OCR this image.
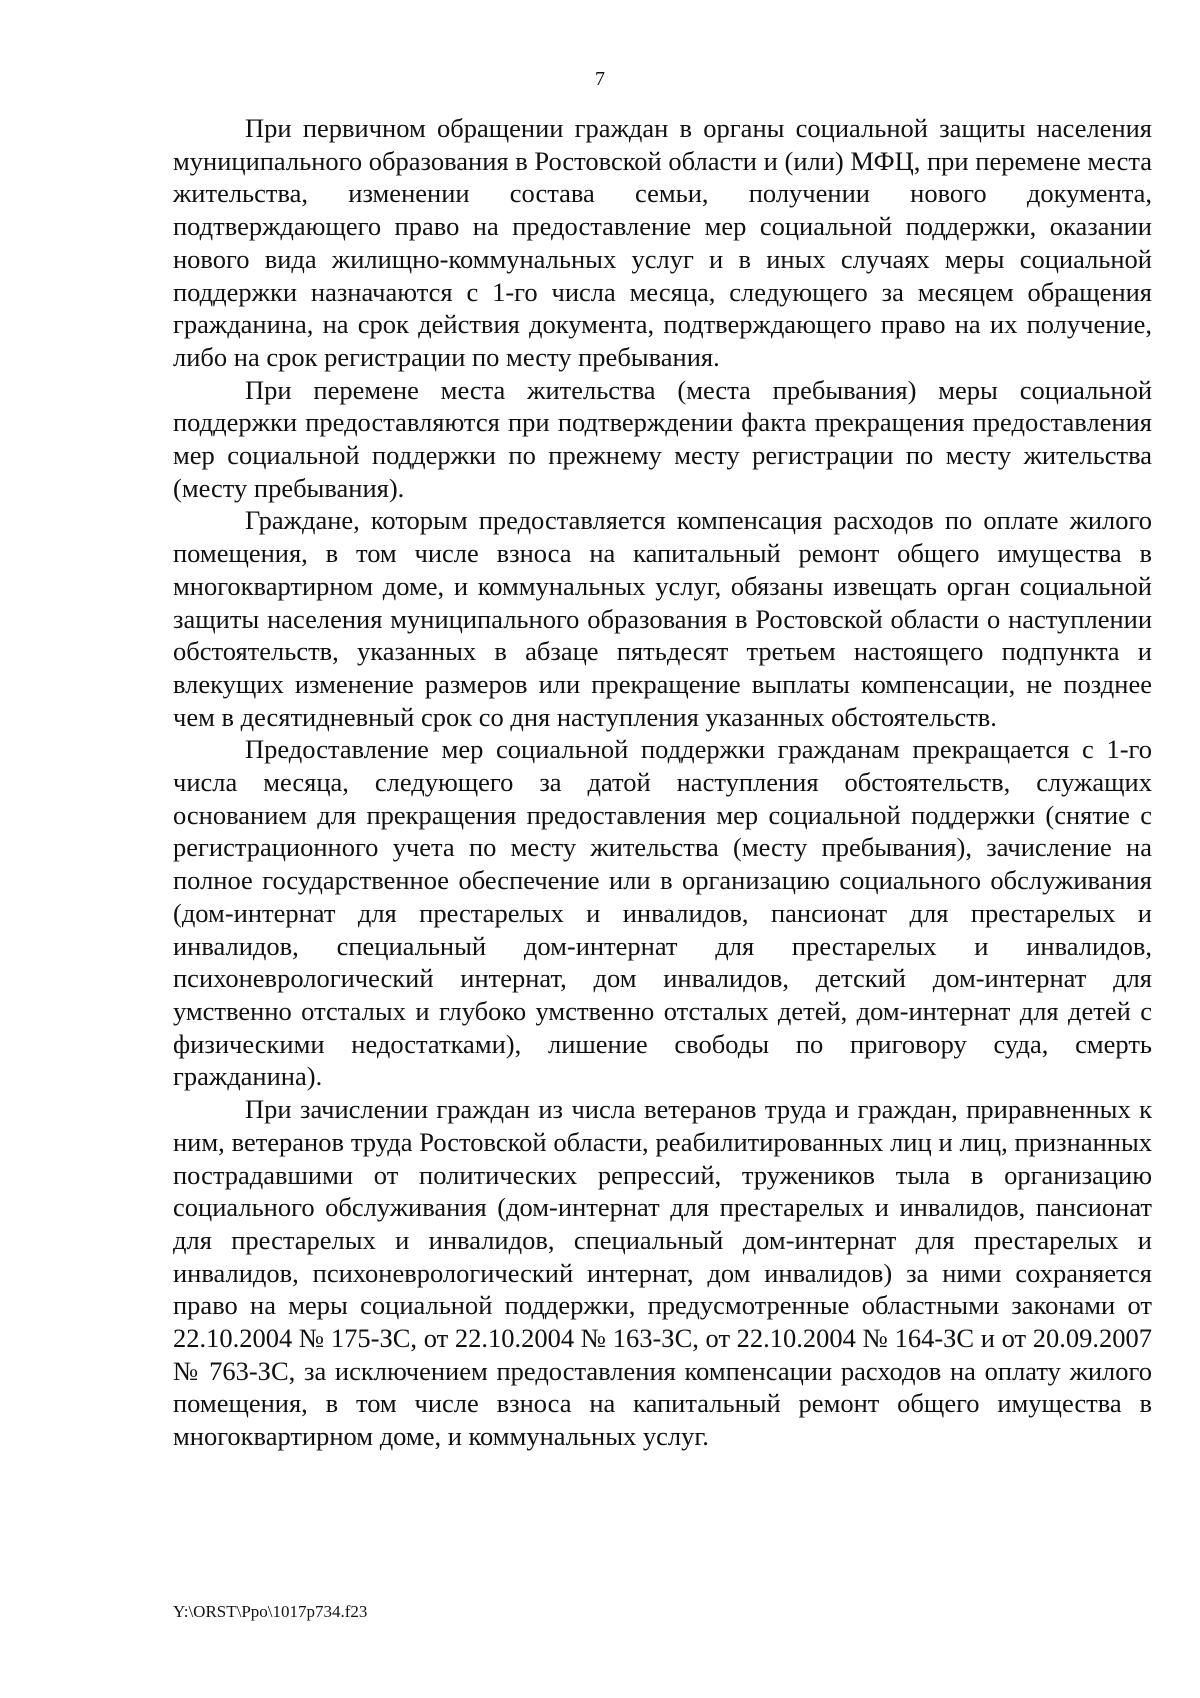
7

При первичном обращении граждан в органы социальной защиты населения муниципального образования в Ростовской области и (или) МФЦ, при перемене места жительства, изменении состава семьи, получении нового документа, подтверждающего право на предоставление мер социальной поддержки, оказании нового вида жилищно-коммунальных услуг и в иных случаях меры социальной поддержки назначаются с 1-го числа месяца, следующего за месяцем обращения гражданина, на срок действия документа, подтверждающего право на их получение, либо на срок регистрации по месту пребывания.

При перемене места жительства (места пребывания) меры социальной поддержки предоставляются при подтверждении факта прекращения предоставления мер социальной поддержки по прежнему месту регистрации по месту жительства (месту пребывания).

Граждане, которым предоставляется компенсация расходов по оплате жилого помещения, в том числе взноса на капитальный ремонт общего имущества в многоквартирном доме, и коммунальных услуг, обязаны извещать орган социальной защиты населения муниципального образования в Ростовской области о наступлении обстоятельств, указанных в абзаце пятьдесят третьем настоящего подпункта и влекущих изменение размеров или прекращение выплаты компенсации, не позднее чем в десятидневный срок со дня наступления указанных обстоятельств.

Предоставление мер социальной поддержки гражданам прекращается с 1-го числа месяца, следующего за датой наступления обстоятельств, служащих основанием для прекращения предоставления мер социальной поддержки (снятие с регистрационного учета по месту жительства (месту пребывания), зачисление на полное государственное обеспечение или в организацию социального обслуживания (дом-интернат для престарелых и инвалидов, пансионат для престарелых и инвалидов, специальный дом-интернат для престарелых и инвалидов, психоневрологический интернат, дом инвалидов, детский дом-интернат для умственно отсталых и глубоко умственно отсталых детей, дом-интернат для детей с физическими недостатками), лишение свободы по приговору суда, смерть гражданина).

При зачислении граждан из числа ветеранов труда и граждан, приравненных к ним, ветеранов труда Ростовской области, реабилитированных лиц и лиц, признанных пострадавшими от политических репрессий, тружеников тыла в организацию социального обслуживания (дом-интернат для престарелых и инвалидов, пансионат для престарелых и инвалидов, специальный дом-интернат для престарелых и инвалидов, психоневрологический интернат, дом инвалидов) за ними сохраняется право на меры социальной поддержки, предусмотренные областными законами от 22.10.2004 № 175-ЗС, от 22.10.2004 № 163-ЗС, от 22.10.2004 № 164-ЗС и от 20.09.2007 № 763-ЗС, за исключением предоставления компенсации расходов на оплату жилого помещения, в том числе взноса на капитальный ремонт общего имущества в многоквартирном доме, и коммунальных услуг.

Y:\ORST\Ppo\1017p734.f23
